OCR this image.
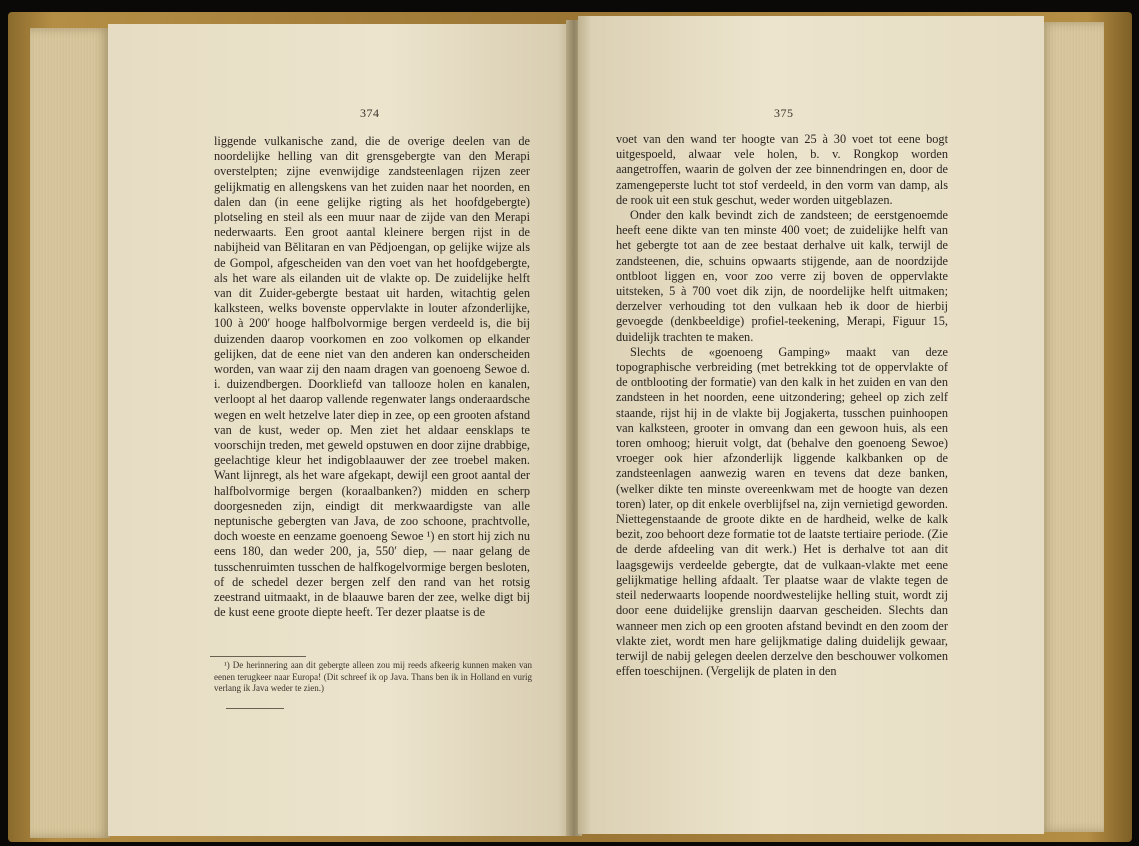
374

liggende vulkanische zand, die de overige deelen van de noordelijke helling van dit grensgebergte van den Merapi overstelpten; zijne evenwijdige zandsteenlagen rijzen zeer gelijkmatig en allengskens van het zuiden naar het noorden, en dalen dan (in eene gelijke rigting als het hoofdgebergte) plotseling en steil als een muur naar de zijde van den Merapi nederwaarts. Een groot aantal kleinere bergen rijst in de nabijheid van Bělitaran en van Pědjoengan, op gelijke wijze als de Gompol, afgescheiden van den voet van het hoofdgebergte, als het ware als eilanden uit de vlakte op. De zuidelijke helft van dit Zuider-gebergte bestaat uit harden, witachtig gelen kalksteen, welks bovenste oppervlakte in louter afzonderlijke, 100 à 200′ hooge halfbolvormige bergen verdeeld is, die bij duizenden daarop voorkomen en zoo volkomen op elkander gelijken, dat de eene niet van den anderen kan onderscheiden worden, van waar zij den naam dragen van goenoeng Sewoe d. i. duizendbergen. Doorkliefd van tallooze holen en kanalen, verloopt al het daarop vallende regenwater langs onderaardsche wegen en welt hetzelve later diep in zee, op een grooten afstand van de kust, weder op. Men ziet het aldaar eensklaps te voorschijn treden, met geweld opstuwen en door zijne drabbige, geelachtige kleur het indigoblaauwer der zee troebel maken. Want lijnregt, als het ware afgekapt, dewijl een groot aantal der halfbolvormige bergen (koraalbanken?) midden en scherp doorgesneden zijn, eindigt dit merkwaardigste van alle neptunische gebergten van Java, de zoo schoone, prachtvolle, doch woeste en eenzame goenoeng Sewoe ¹) en stort hij zich nu eens 180, dan weder 200, ja, 550′ diep, — naar gelang de tusschenruimten tusschen de halfkogelvormige bergen besloten, of de schedel dezer bergen zelf den rand van het rotsig zeestrand uitmaakt, in de blaauwe baren der zee, welke digt bij de kust eene groote diepte heeft. Ter dezer plaatse is de

¹) De herinnering aan dit gebergte alleen zou mij reeds afkeerig kunnen maken van eenen terugkeer naar Europa! (Dit schreef ik op Java. Thans ben ik in Holland en vurig verlang ik Java weder te zien.)

375

voet van den wand ter hoogte van 25 à 30 voet tot eene bogt uitgespoeld, alwaar vele holen, b. v. Rongkop worden aangetroffen, waarin de golven der zee binnendringen en, door de zamengeperste lucht tot stof verdeeld, in den vorm van damp, als de rook uit een stuk geschut, weder worden uitgeblazen.

Onder den kalk bevindt zich de zandsteen; de eerstgenoemde heeft eene dikte van ten minste 400 voet; de zuidelijke helft van het gebergte tot aan de zee bestaat derhalve uit kalk, terwijl de zandsteenen, die, schuins opwaarts stijgende, aan de noordzijde ontbloot liggen en, voor zoo verre zij boven de oppervlakte uitsteken, 5 à 700 voet dik zijn, de noordelijke helft uitmaken; derzelver verhouding tot den vulkaan heb ik door de hierbij gevoegde (denkbeeldige) profiel-teekening, Merapi, Figuur 15, duidelijk trachten te maken.

Slechts de «goenoeng Gamping» maakt van deze topographische verbreiding (met betrekking tot de oppervlakte of de ontblooting der formatie) van den kalk in het zuiden en van den zandsteen in het noorden, eene uitzondering; geheel op zich zelf staande, rijst hij in de vlakte bij Jogjakerta, tusschen puinhoopen van kalksteen, grooter in omvang dan een gewoon huis, als een toren omhoog; hieruit volgt, dat (behalve den goenoeng Sewoe) vroeger ook hier afzonderlijk liggende kalkbanken op de zandsteenlagen aanwezig waren en tevens dat deze banken, (welker dikte ten minste overeenkwam met de hoogte van dezen toren) later, op dit enkele overblijfsel na, zijn vernietigd geworden. Niettegenstaande de groote dikte en de hardheid, welke de kalk bezit, zoo behoort deze formatie tot de laatste tertiaire periode. (Zie de derde afdeeling van dit werk.) Het is derhalve tot aan dit laagsgewijs verdeelde gebergte, dat de vulkaan-vlakte met eene gelijkmatige helling afdaalt. Ter plaatse waar de vlakte tegen de steil nederwaarts loopende noordwestelijke helling stuit, wordt zij door eene duidelijke grenslijn daarvan gescheiden. Slechts dan wanneer men zich op een grooten afstand bevindt en den zoom der vlakte ziet, wordt men hare gelijkmatige daling duidelijk gewaar, terwijl de nabij gelegen deelen derzelve den beschouwer volkomen effen toeschijnen. (Vergelijk de platen in den
